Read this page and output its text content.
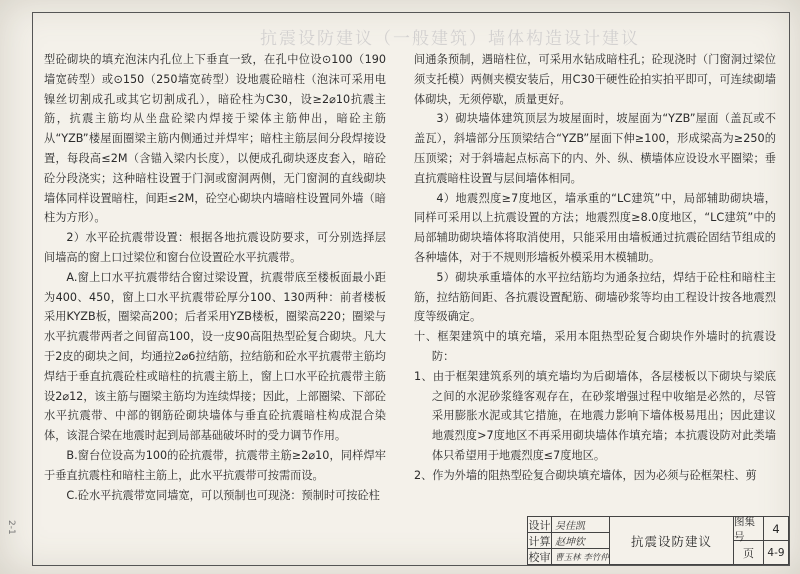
抗震设防建议（一般建筑）墙体构造设计建议

型砼砌块的填充泡沫内孔位上下垂直一致，在孔中位设⊙100（190墙宽砖型）或⊙150（250墙宽砖型）设地震砼暗柱（泡沫可采用电镍丝切割成孔或其它切割成孔），暗砼柱为C30，设≥2⌀10抗震主筋，抗震主筋均从坐盘砼梁内焊接于梁体主筋伸出，暗砼主筋从“YZB”楼屋面圈梁主筋内侧通过并焊牢；暗柱主筋层间分段焊接设置，每段高≤2M（含锚入梁内长度），以便成孔砌块逐皮套入，暗砼砼分段浇实；这种暗柱设置于门洞或窗洞两侧，无门窗洞的直线砌块墙体同样设置暗柱，间距≤2M，砼空心砌块内墙暗柱设置同外墙（暗柱为方形）。

2）水平砼抗震带设置：根据各地抗震设防要求，可分别选择层间墙高的窗上口过梁位和窗台位设置砼水平抗震带。

A.窗上口水平抗震带结合窗过梁设置，抗震带底至楼板面最小距为400、450，窗上口水平抗震带砼厚分100、130两种：前者楼板采用KYZB板，圈梁高200；后者采用YZB楼板，圈梁高220；圈梁与水平抗震带两者之间留高100，设一皮90高阻热型砼复合砌块。凡大于2皮的砌块之间，均通拉2⌀6拉结筋，拉结筋和砼水平抗震带主筋均焊结于垂直抗震砼柱或暗柱的抗震主筋上，窗上口水平砼抗震带主筋设2⌀12，该主筋与圈梁主筋均为连续焊接；因此，上部圈梁、下部砼水平抗震带、中部的钢筋砼砌块墙体与垂直砼抗震暗柱构成混合染体，该混合梁在地震时起到局部基础破坏时的受力调节作用。

B.窗台位设高为100的砼抗震带，抗震带主筋≥2⌀10，同样焊牢于垂直抗震柱和暗柱主筋上，此水平抗震带可按需而设。

C.砼水平抗震带宽同墙宽，可以预制也可现浇：预制时可按砼柱

间通条预制，遇暗柱位，可采用水钻成暗柱孔；砼现浇时（门窗洞过梁位须支托模）两侧夹模安装后，用C30干硬性砼拍实拍平即可，可连续砌墙体砌块，无须停歇，质量更好。

3）砌块墙体建筑顶层为坡屋面时，坡屋面为“YZB”屋面（盖瓦或不盖瓦），斜墙部分压顶梁结合“YZB”屋面下伸≥100，形成梁高为≥250的压顶梁；对于斜墙起点标高下的内、外、纵、横墙体应设设水平圈梁；垂直抗震暗柱设置与层间墙体相同。

4）地震烈度≥7度地区，墙承重的“LC建筑”中，局部辅助砌块墙，同样可采用以上抗震设置的方法；地震烈度≥8.0度地区，“LC建筑”中的局部辅助砌块墙体将取消使用，只能采用由墙板通过抗震砼固结节组成的各种墙体，对于不规则形墙板外模采用木模辅助。

5）砌块承重墙体的水平拉结筋均为通条拉结，焊结于砼柱和暗柱主筋，拉结筋间距、各抗震设置配筋、砌墙砂浆等均由工程设计按各地震烈度等级确定。

十、框架建筑中的填充墙，采用本阻热型砼复合砌块作外墙时的抗震设防：

1、由于框架建筑系列的填充墙均为后砌墙体，各层楼板以下砌块与梁底之间的水泥砂浆缝客观存在，在砂浆增强过程中收缩是必然的，尽管采用膨胀水泥或其它措施，在地震力影响下墙体极易甩出；因此建议地震烈度>7度地区不再采用砌块墙体作填充墙；本抗震设防对此类墙体只希望用于地震烈度≤7度地区。

2、作为外墙的阻热型砼复合砌块填充墙体，因为必须与砼框架柱、剪

设计 吴佳凯
计算 赵坤钦
校审 曹玉林 李竹仲
抗震设防建议
图集号
4
页	4-9
2-1
